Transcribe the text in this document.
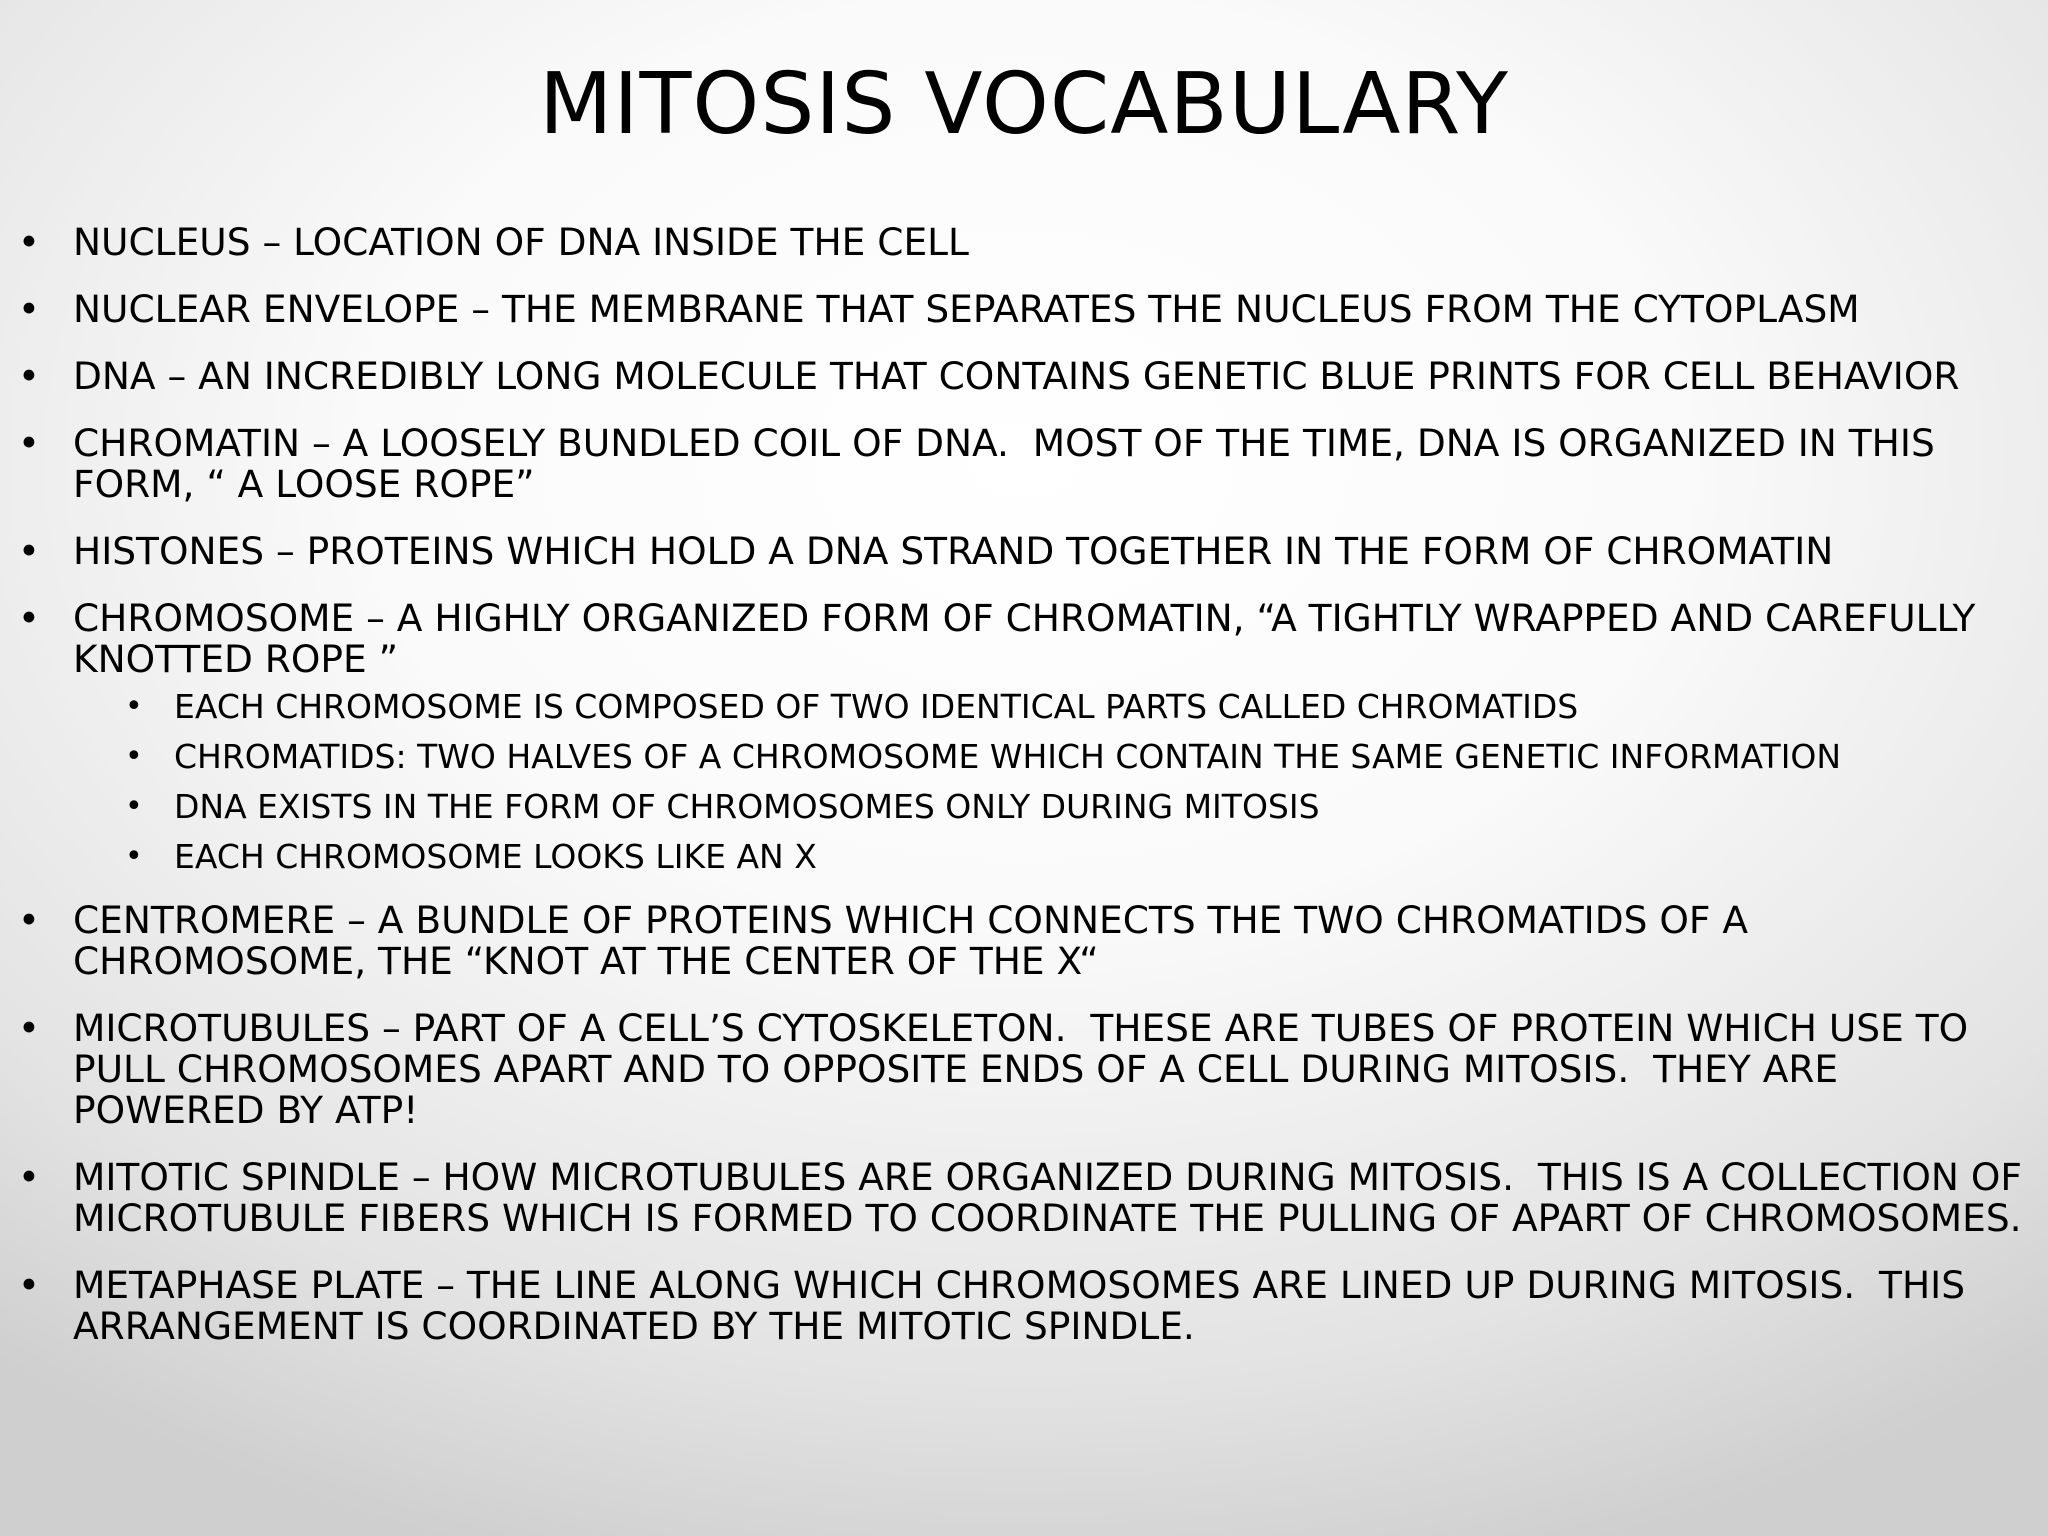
MITOSIS VOCABULARY
• NUCLEUS – LOCATION OF DNA INSIDE THE CELL
• NUCLEAR ENVELOPE – THE MEMBRANE THAT SEPARATES THE NUCLEUS FROM THE CYTOPLASM
• DNA – AN INCREDIBLY LONG MOLECULE THAT CONTAINS GENETIC BLUE PRINTS FOR CELL BEHAVIOR
• CHROMATIN – A LOOSELY BUNDLED COIL OF DNA.  MOST OF THE TIME, DNA IS ORGANIZED IN THIS FORM, “ A LOOSE ROPE”
• HISTONES – PROTEINS WHICH HOLD A DNA STRAND TOGETHER IN THE FORM OF CHROMATIN
• CHROMOSOME – A HIGHLY ORGANIZED FORM OF CHROMATIN, “A TIGHTLY WRAPPED AND CAREFULLY KNOTTED ROPE ”
• EACH CHROMOSOME IS COMPOSED OF TWO IDENTICAL PARTS CALLED CHROMATIDS
• CHROMATIDS: TWO HALVES OF A CHROMOSOME WHICH CONTAIN THE SAME GENETIC INFORMATION
• DNA EXISTS IN THE FORM OF CHROMOSOMES ONLY DURING MITOSIS
• EACH CHROMOSOME LOOKS LIKE AN X
• CENTROMERE – A BUNDLE OF PROTEINS WHICH CONNECTS THE TWO CHROMATIDS OF A CHROMOSOME, THE “KNOT AT THE CENTER OF THE X“
• MICROTUBULES – PART OF A CELL’S CYTOSKELETON.  THESE ARE TUBES OF PROTEIN WHICH USE TO PULL CHROMOSOMES APART AND TO OPPOSITE ENDS OF A CELL DURING MITOSIS.  THEY ARE POWERED BY ATP!
• MITOTIC SPINDLE – HOW MICROTUBULES ARE ORGANIZED DURING MITOSIS.  THIS IS A COLLECTION OF MICROTUBULE FIBERS WHICH IS FORMED TO COORDINATE THE PULLING OF APART OF CHROMOSOMES.
• METAPHASE PLATE – THE LINE ALONG WHICH CHROMOSOMES ARE LINED UP DURING MITOSIS.  THIS ARRANGEMENT IS COORDINATED BY THE MITOTIC SPINDLE.
